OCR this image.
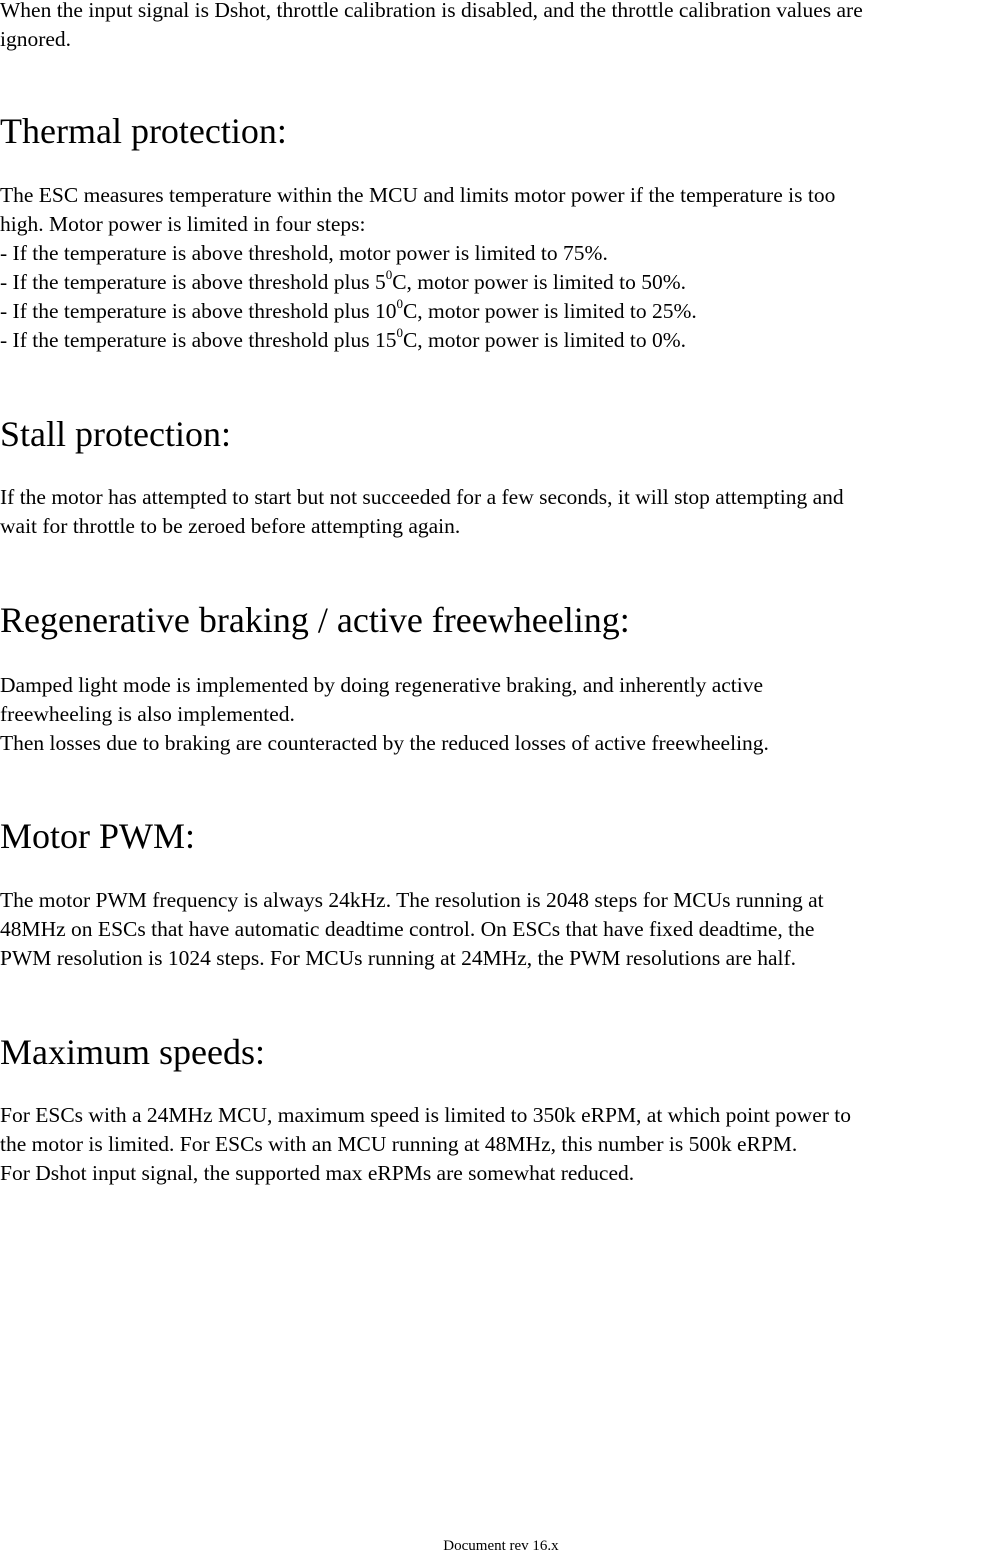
When the input signal is Dshot, throttle calibration is disabled, and the throttle calibration values are
ignored.

Thermal protection:

The ESC measures temperature within the MCU and limits motor power if the temperature is too
high. Motor power is limited in four steps:
- If the temperature is above threshold, motor power is limited to 75%.
- If the temperature is above threshold plus $5^0C$, motor power is limited to 50%.
- If the temperature is above threshold plus $10^0C$, motor power is limited to 25%.
- If the temperature is above threshold plus $15^0C$, motor power is limited to 0%.

Stall protection:

If the motor has attempted to start but not succeeded for a few seconds, it will stop attempting and
wait for throttle to be zeroed before attempting again.

Regenerative braking / active freewheeling:

Damped light mode is implemented by doing regenerative braking, and inherently active
freewheeling is also implemented.
Then losses due to braking are counteracted by the reduced losses of active freewheeling.

Motor PWM:

The motor PWM frequency is always 24kHz. The resolution is 2048 steps for MCUs running at
48MHz on ESCs that have automatic deadtime control. On ESCs that have fixed deadtime, the
PWM resolution is 1024 steps. For MCUs running at 24MHz, the PWM resolutions are half.

Maximum speeds:

For ESCs with a 24MHz MCU, maximum speed is limited to 350k eRPM, at which point power to
the motor is limited. For ESCs with an MCU running at 48MHz, this number is 500k eRPM.
For Dshot input signal, the supported max eRPMs are somewhat reduced.

Document rev 16.x
